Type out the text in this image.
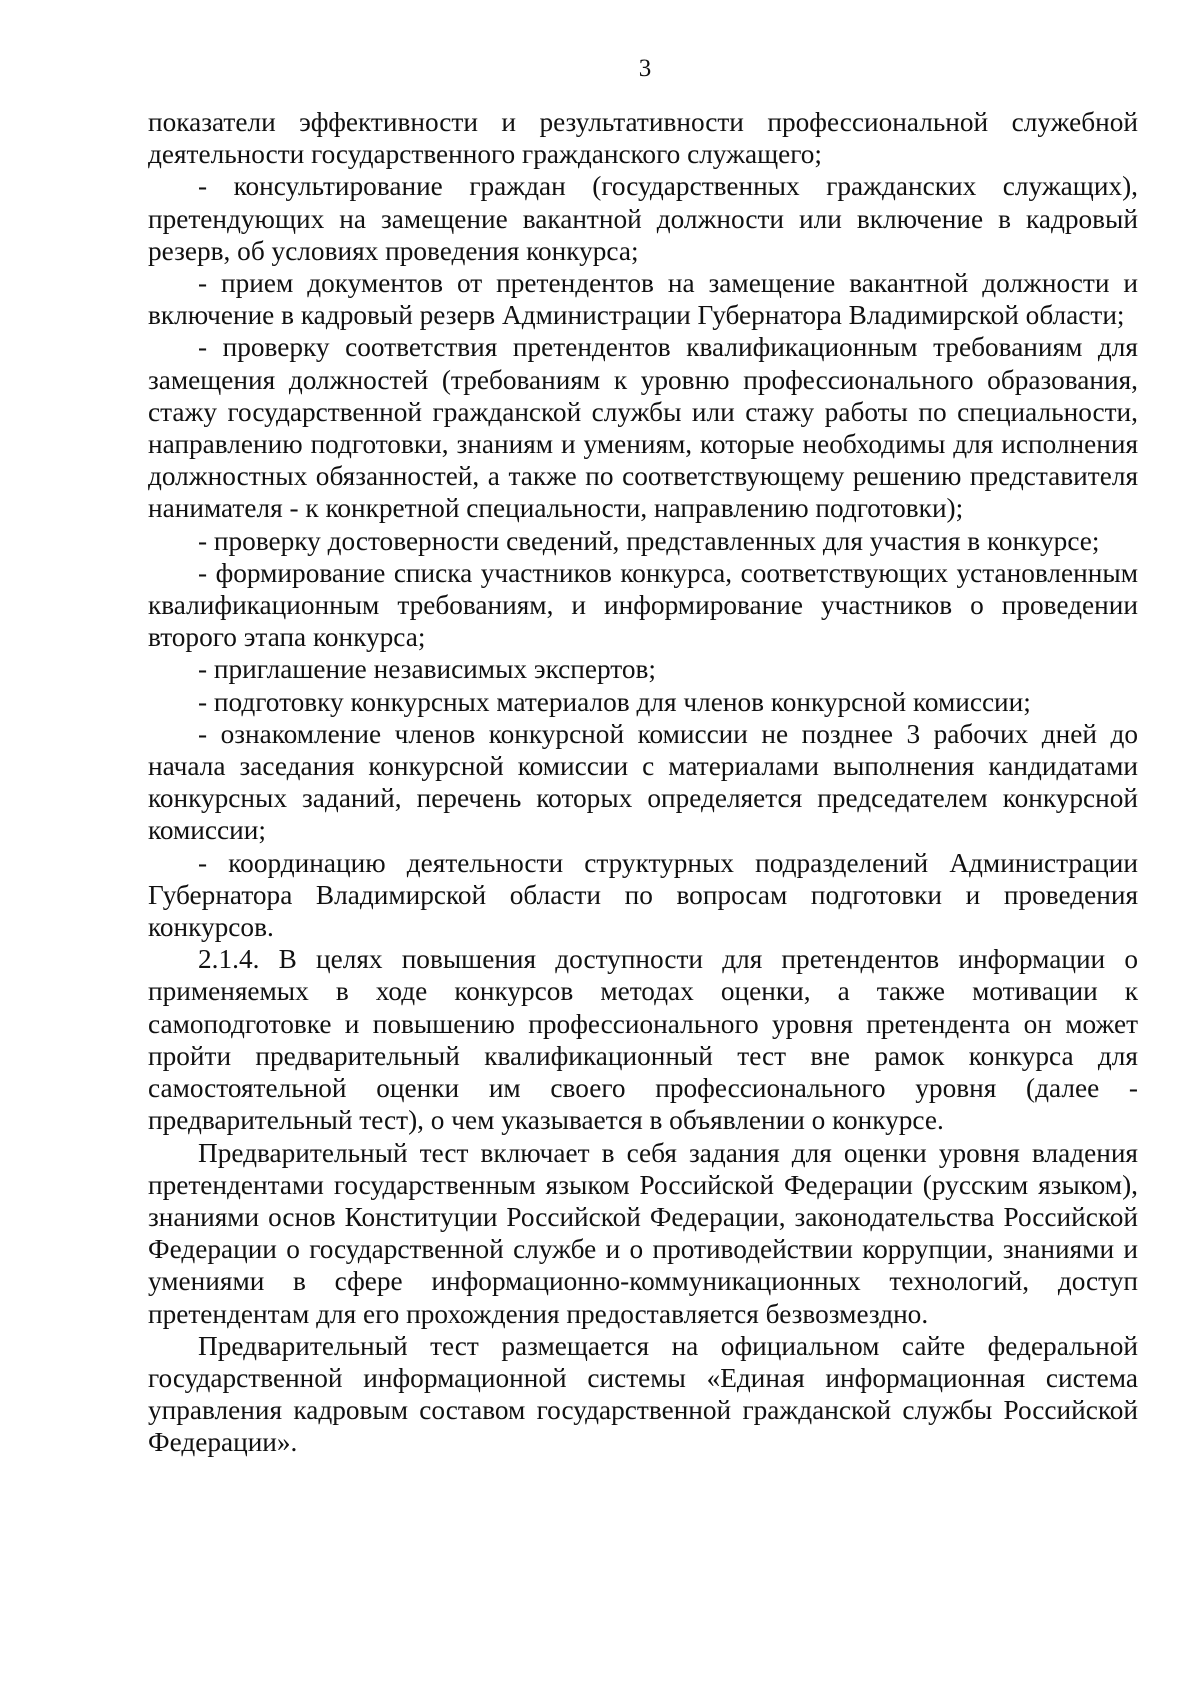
3

показатели эффективности и результативности профессиональной служебной деятельности государственного гражданского служащего;

- консультирование граждан (государственных гражданских служащих), претендующих на замещение вакантной должности или включение в кадровый резерв, об условиях проведения конкурса;

- прием документов от претендентов на замещение вакантной должности и включение в кадровый резерв Администрации Губернатора Владимирской области;

- проверку соответствия претендентов квалификационным требованиям для замещения должностей (требованиям к уровню профессионального образования, стажу государственной гражданской службы или стажу работы по специальности, направлению подготовки, знаниям и умениям, которые необходимы для исполнения должностных обязанностей, а также по соответствующему решению представителя нанимателя - к конкретной специальности, направлению подготовки);

- проверку достоверности сведений, представленных для участия в конкурсе;

- формирование списка участников конкурса, соответствующих установленным квалификационным требованиям, и информирование участников о проведении второго этапа конкурса;

- приглашение независимых экспертов;

- подготовку конкурсных материалов для членов конкурсной комиссии;

- ознакомление членов конкурсной комиссии не позднее 3 рабочих дней до начала заседания конкурсной комиссии с материалами выполнения кандидатами конкурсных заданий, перечень которых определяется председателем конкурсной комиссии;

- координацию деятельности структурных подразделений Администрации Губернатора Владимирской области по вопросам подготовки и проведения конкурсов.

2.1.4. В целях повышения доступности для претендентов информации о применяемых в ходе конкурсов методах оценки, а также мотивации к самоподготовке и повышению профессионального уровня претендента он может пройти предварительный квалификационный тест вне рамок конкурса для самостоятельной оценки им своего профессионального уровня (далее - предварительный тест), о чем указывается в объявлении о конкурсе.

Предварительный тест включает в себя задания для оценки уровня владения претендентами государственным языком Российской Федерации (русским языком), знаниями основ Конституции Российской Федерации, законодательства Российской Федерации о государственной службе и о противодействии коррупции, знаниями и умениями в сфере информационно-коммуникационных технологий, доступ претендентам для его прохождения предоставляется безвозмездно.

Предварительный тест размещается на официальном сайте федеральной государственной информационной системы «Единая информационная система управления кадровым составом государственной гражданской службы Российской Федерации».
